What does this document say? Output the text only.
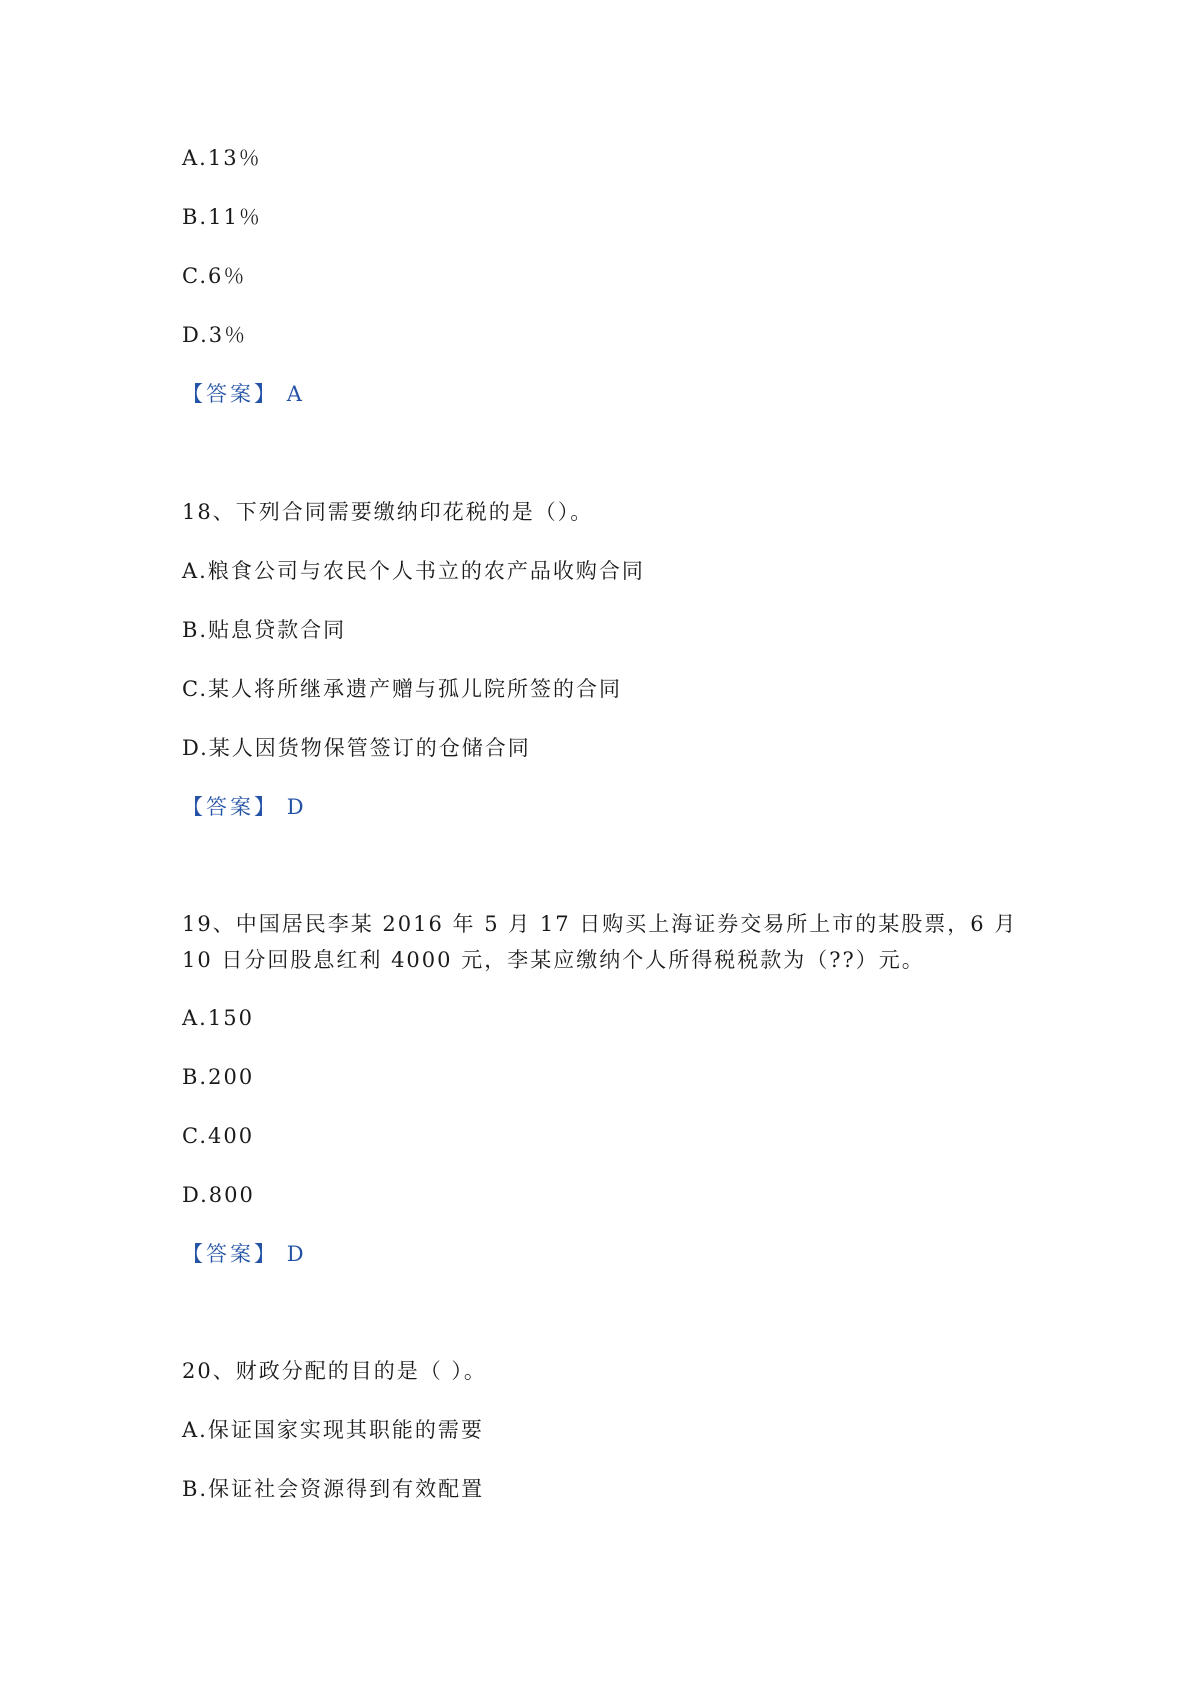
A.13％
B.11％
C.6％
D.3％
【答案】 A
18、下列合同需要缴纳印花税的是（）。
A.粮食公司与农民个人书立的农产品收购合同
B.贴息贷款合同
C.某人将所继承遗产赠与孤儿院所签的合同
D.某人因货物保管签订的仓储合同
【答案】 D
19、中国居民李某 2016 年 5 月 17 日购买上海证券交易所上市的某股票，6 月
10 日分回股息红利 4000 元，李某应缴纳个人所得税税款为（??）元。
A.150
B.200
C.400
D.800
【答案】 D
20、财政分配的目的是（ ）。
A.保证国家实现其职能的需要
B.保证社会资源得到有效配置
